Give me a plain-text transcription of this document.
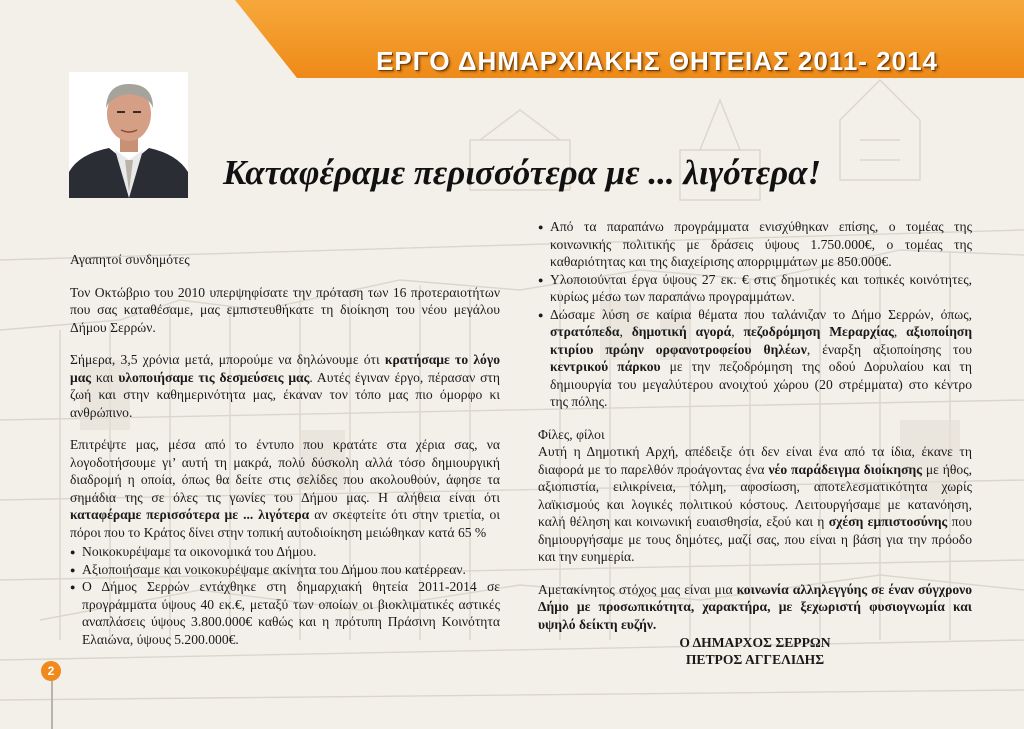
ΕΡΓΟ ΔΗΜΑΡΧΙΑΚΗΣ ΘΗΤΕΙΑΣ 2011- 2014
Καταφέραμε περισσότερα με ... λιγότερα!

Αγαπητοί συνδημότες

Τον Οκτώβριο του 2010 υπερψηφίσατε την πρόταση των 16 προτεραιοτήτων που σας καταθέσαμε, μας εμπιστευθήκατε τη διοίκηση του νέου μεγάλου Δήμου Σερρών.

Σήμερα, 3,5 χρόνια μετά, μπορούμε να δηλώνουμε ότι κρατήσαμε το λόγο μας και υλοποιήσαμε τις δεσμεύσεις μας. Αυτές έγιναν έργο, πέρασαν στη ζωή και στην καθημερινότητα μας, έκαναν τον τόπο μας πιο όμορφο κι ανθρώπινο.

Επιτρέψτε μας, μέσα από το έντυπο που κρατάτε στα χέρια σας, να λογοδοτήσουμε γι’ αυτή τη μακρά, πολύ δύσκολη αλλά τόσο δημιουργική διαδρομή η οποία, όπως θα δείτε στις σελίδες που ακολουθούν, άφησε τα σημάδια της σε όλες τις γωνίες του Δήμου μας. Η αλήθεια είναι ότι καταφέραμε περισσότερα με ... λιγότερα αν σκεφτείτε ότι στην τριετία, οι πόροι που το Κράτος δίνει στην τοπική αυτοδιοίκηση μειώθηκαν κατά 65 %

● Νοικοκυρέψαμε τα οικονομικά του Δήμου.
● Αξιοποιήσαμε και νοικοκυρέψαμε ακίνητα του Δήμου που κατέρρεαν.
● Ο Δήμος Σερρών εντάχθηκε στη δημαρχιακή θητεία 2011-2014 σε προγράμματα ύψους 40 εκ.€, μεταξύ των οποίων οι βιοκλιματικές αστικές αναπλάσεις ύψους 3.800.000€ καθώς και η πρότυπη Πράσινη Κοινότητα Ελαιώνα, ύψους 5.200.000€.
● Από τα παραπάνω προγράμματα ενισχύθηκαν επίσης, ο τομέας της κοινωνικής πολιτικής με δράσεις ύψους 1.750.000€, ο τομέας της καθαριότητας και της διαχείρισης απορριμμάτων με 850.000€.
● Υλοποιούνται έργα ύψους 27 εκ. € στις δημοτικές και τοπικές κοινότητες, κυρίως μέσω των παραπάνω προγραμμάτων.
● Δώσαμε λύση σε καίρια θέματα που ταλάνιζαν το Δήμο Σερρών, όπως, στρατόπεδα, δημοτική αγορά, πεζοδρόμηση Μεραρχίας, αξιοποίηση κτιρίου πρώην ορφανοτροφείου θηλέων, έναρξη αξιοποίησης του κεντρικού πάρκου με την πεζοδρόμηση της οδού Δορυλαίου και τη δημιουργία του μεγαλύτερου ανοιχτού χώρου (20 στρέμματα) στο κέντρο της πόλης.

Φίλες, φίλοι

Αυτή η Δημοτική Αρχή, απέδειξε ότι δεν είναι ένα από τα ίδια, έκανε τη διαφορά με το παρελθόν προάγοντας ένα νέο παράδειγμα διοίκησης με ήθος, αξιοπιστία, ειλικρίνεια, τόλμη, αφοσίωση, αποτελεσματικότητα χωρίς λαϊκισμούς και λογικές πολιτικού κόστους. Λειτουργήσαμε με κατανόηση, καλή θέληση και κοινωνική ευαισθησία, εξού και η σχέση εμπιστοσύνης που δημιουργήσαμε με τους δημότες, μαζί σας, που είναι η βάση για την πρόοδο και την ευημερία.

Αμετακίνητος στόχος μας είναι μια κοινωνία αλληλεγγύης σε έναν σύγχρονο Δήμο με προσωπικότητα, χαρακτήρα, με ξεχωριστή φυσιογνωμία και υψηλό δείκτη ευζήν.

Ο ΔΗΜΑΡΧΟΣ ΣΕΡΡΩΝ
ΠΕΤΡΟΣ ΑΓΓΕΛΙΔΗΣ
2
